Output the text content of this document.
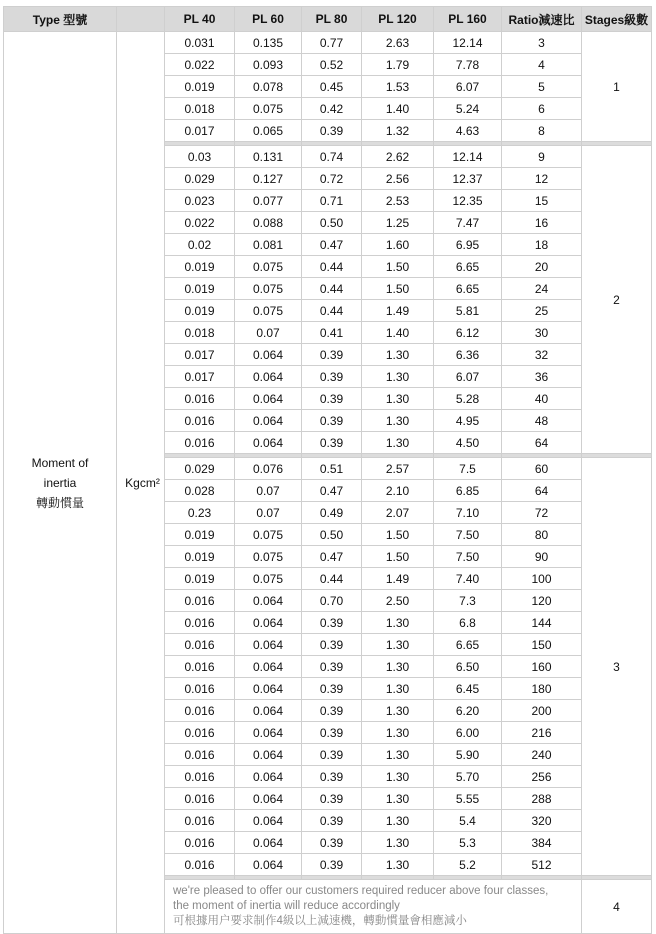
Type 型號		PL 40	PL 60	PL 80	PL 120	PL 160	Ratio減速比	Stages級數

Moment of
inertia
轉動慣量	Kgcm²	0.031	0.135	0.77	2.63	12.14	3	1
		0.022	0.093	0.52	1.79	7.78	4	
		0.019	0.078	0.45	1.53	6.07	5	
		0.018	0.075	0.42	1.40	5.24	6	
		0.017	0.065	0.39	1.32	4.63	8	

		0.03	0.131	0.74	2.62	12.14	9	2
		0.029	0.127	0.72	2.56	12.37	12	
		0.023	0.077	0.71	2.53	12.35	15	
		0.022	0.088	0.50	1.25	7.47	16	
		0.02	0.081	0.47	1.60	6.95	18	
		0.019	0.075	0.44	1.50	6.65	20	
		0.019	0.075	0.44	1.50	6.65	24	
		0.019	0.075	0.44	1.49	5.81	25	
		0.018	0.07	0.41	1.40	6.12	30	
		0.017	0.064	0.39	1.30	6.36	32	
		0.017	0.064	0.39	1.30	6.07	36	
		0.016	0.064	0.39	1.30	5.28	40	
		0.016	0.064	0.39	1.30	4.95	48	
		0.016	0.064	0.39	1.30	4.50	64	

		0.029	0.076	0.51	2.57	7.5	60	3
		0.028	0.07	0.47	2.10	6.85	64	
		0.23	0.07	0.49	2.07	7.10	72	
		0.019	0.075	0.50	1.50	7.50	80	
		0.019	0.075	0.47	1.50	7.50	90	
		0.019	0.075	0.44	1.49	7.40	100	
		0.016	0.064	0.70	2.50	7.3	120	
		0.016	0.064	0.39	1.30	6.8	144	
		0.016	0.064	0.39	1.30	6.65	150	
		0.016	0.064	0.39	1.30	6.50	160	
		0.016	0.064	0.39	1.30	6.45	180	
		0.016	0.064	0.39	1.30	6.20	200	
		0.016	0.064	0.39	1.30	6.00	216	
		0.016	0.064	0.39	1.30	5.90	240	
		0.016	0.064	0.39	1.30	5.70	256	
		0.016	0.064	0.39	1.30	5.55	288	
		0.016	0.064	0.39	1.30	5.4	320	
		0.016	0.064	0.39	1.30	5.3	384	
		0.016	0.064	0.39	1.30	5.2	512	

		we're pleased to offer our customers required reducer above four classes,
the moment of inertia will reduce accordingly
可根據用户要求制作4級以上減速機，轉動慣量會相應減小						4
